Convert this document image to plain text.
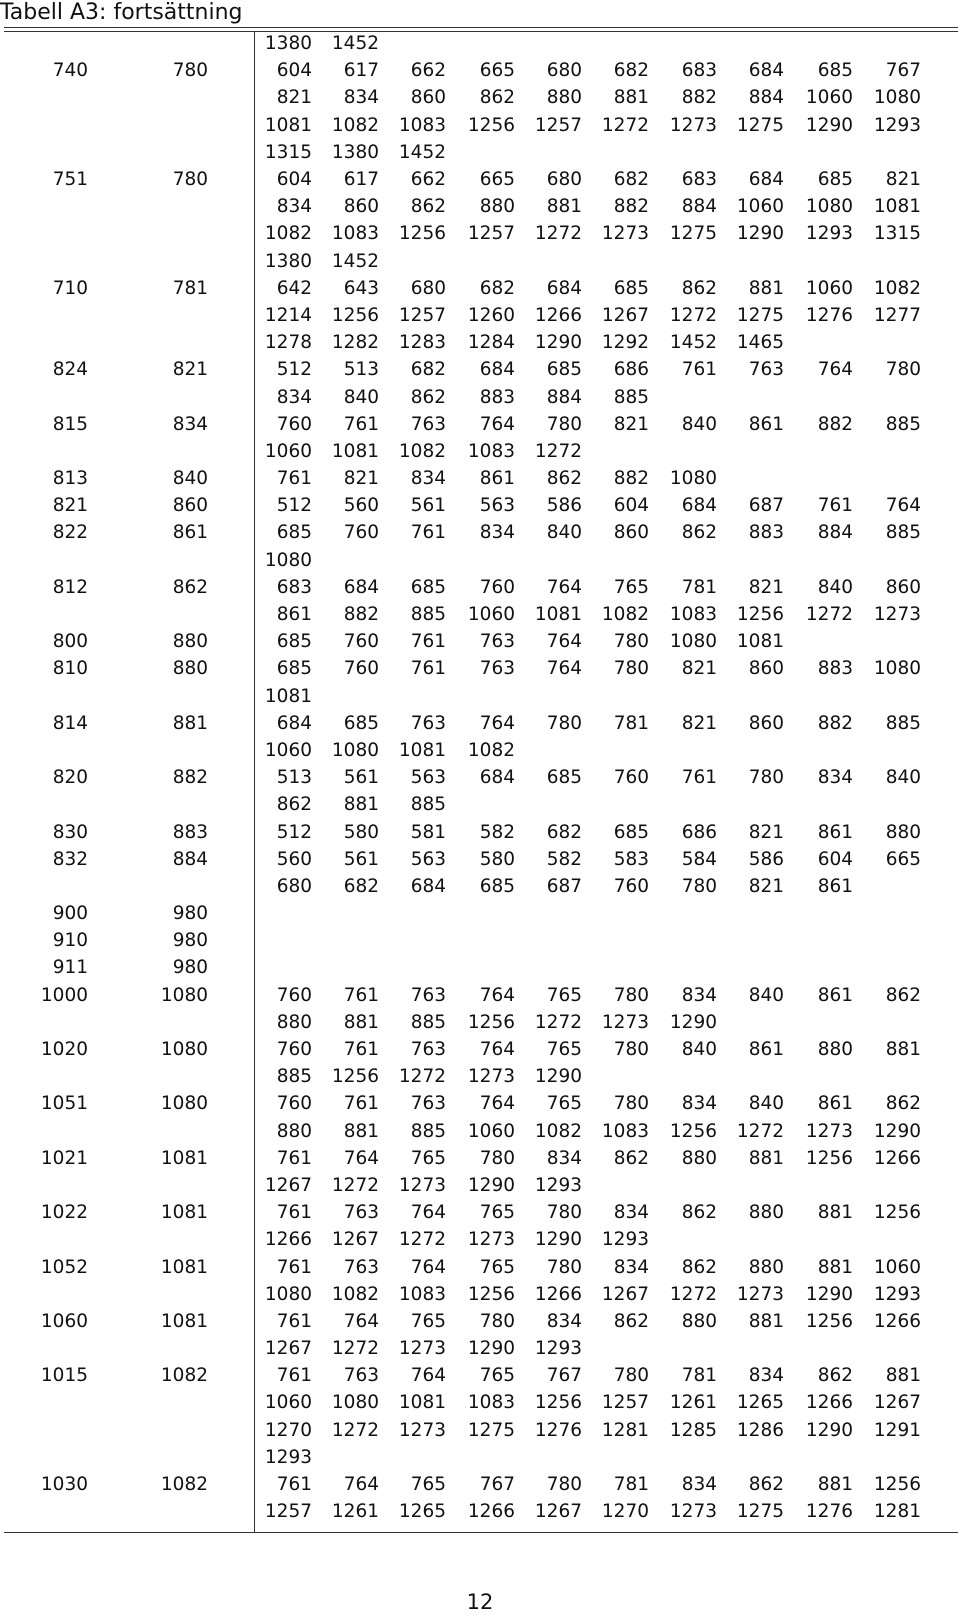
Tabell A3: fortsättning
		1380	1452									
740	780	604	617	662	665	680	682	683	684	685	767	
		821	834	860	862	880	881	882	884	1060	1080	
		1081	1082	1083	1256	1257	1272	1273	1275	1290	1293	
		1315	1380	1452								
751	780	604	617	662	665	680	682	683	684	685	821	
		834	860	862	880	881	882	884	1060	1080	1081	
		1082	1083	1256	1257	1272	1273	1275	1290	1293	1315	
		1380	1452									
710	781	642	643	680	682	684	685	862	881	1060	1082	
		1214	1256	1257	1260	1266	1267	1272	1275	1276	1277	
		1278	1282	1283	1284	1290	1292	1452	1465			
824	821	512	513	682	684	685	686	761	763	764	780	
		834	840	862	883	884	885					
815	834	760	761	763	764	780	821	840	861	882	885	
		1060	1081	1082	1083	1272						
813	840	761	821	834	861	862	882	1080				
821	860	512	560	561	563	586	604	684	687	761	764	
822	861	685	760	761	834	840	860	862	883	884	885	
		1080										
812	862	683	684	685	760	764	765	781	821	840	860	
		861	882	885	1060	1081	1082	1083	1256	1272	1273	
800	880	685	760	761	763	764	780	1080	1081			
810	880	685	760	761	763	764	780	821	860	883	1080	
		1081										
814	881	684	685	763	764	780	781	821	860	882	885	
		1060	1080	1081	1082							
820	882	513	561	563	684	685	760	761	780	834	840	
		862	881	885								
830	883	512	580	581	582	682	685	686	821	861	880	
832	884	560	561	563	580	582	583	584	586	604	665	
		680	682	684	685	687	760	780	821	861		
900	980											
910	980											
911	980											
1000	1080	760	761	763	764	765	780	834	840	861	862	
		880	881	885	1256	1272	1273	1290				
1020	1080	760	761	763	764	765	780	840	861	880	881	
		885	1256	1272	1273	1290						
1051	1080	760	761	763	764	765	780	834	840	861	862	
		880	881	885	1060	1082	1083	1256	1272	1273	1290	
1021	1081	761	764	765	780	834	862	880	881	1256	1266	
		1267	1272	1273	1290	1293						
1022	1081	761	763	764	765	780	834	862	880	881	1256	
		1266	1267	1272	1273	1290	1293					
1052	1081	761	763	764	765	780	834	862	880	881	1060	
		1080	1082	1083	1256	1266	1267	1272	1273	1290	1293	
1060	1081	761	764	765	780	834	862	880	881	1256	1266	
		1267	1272	1273	1290	1293						
1015	1082	761	763	764	765	767	780	781	834	862	881	
		1060	1080	1081	1083	1256	1257	1261	1265	1266	1267	
		1270	1272	1273	1275	1276	1281	1285	1286	1290	1291	
		1293										
1030	1082	761	764	765	767	780	781	834	862	881	1256	
		1257	1261	1265	1266	1267	1270	1273	1275	1276	1281	
12
